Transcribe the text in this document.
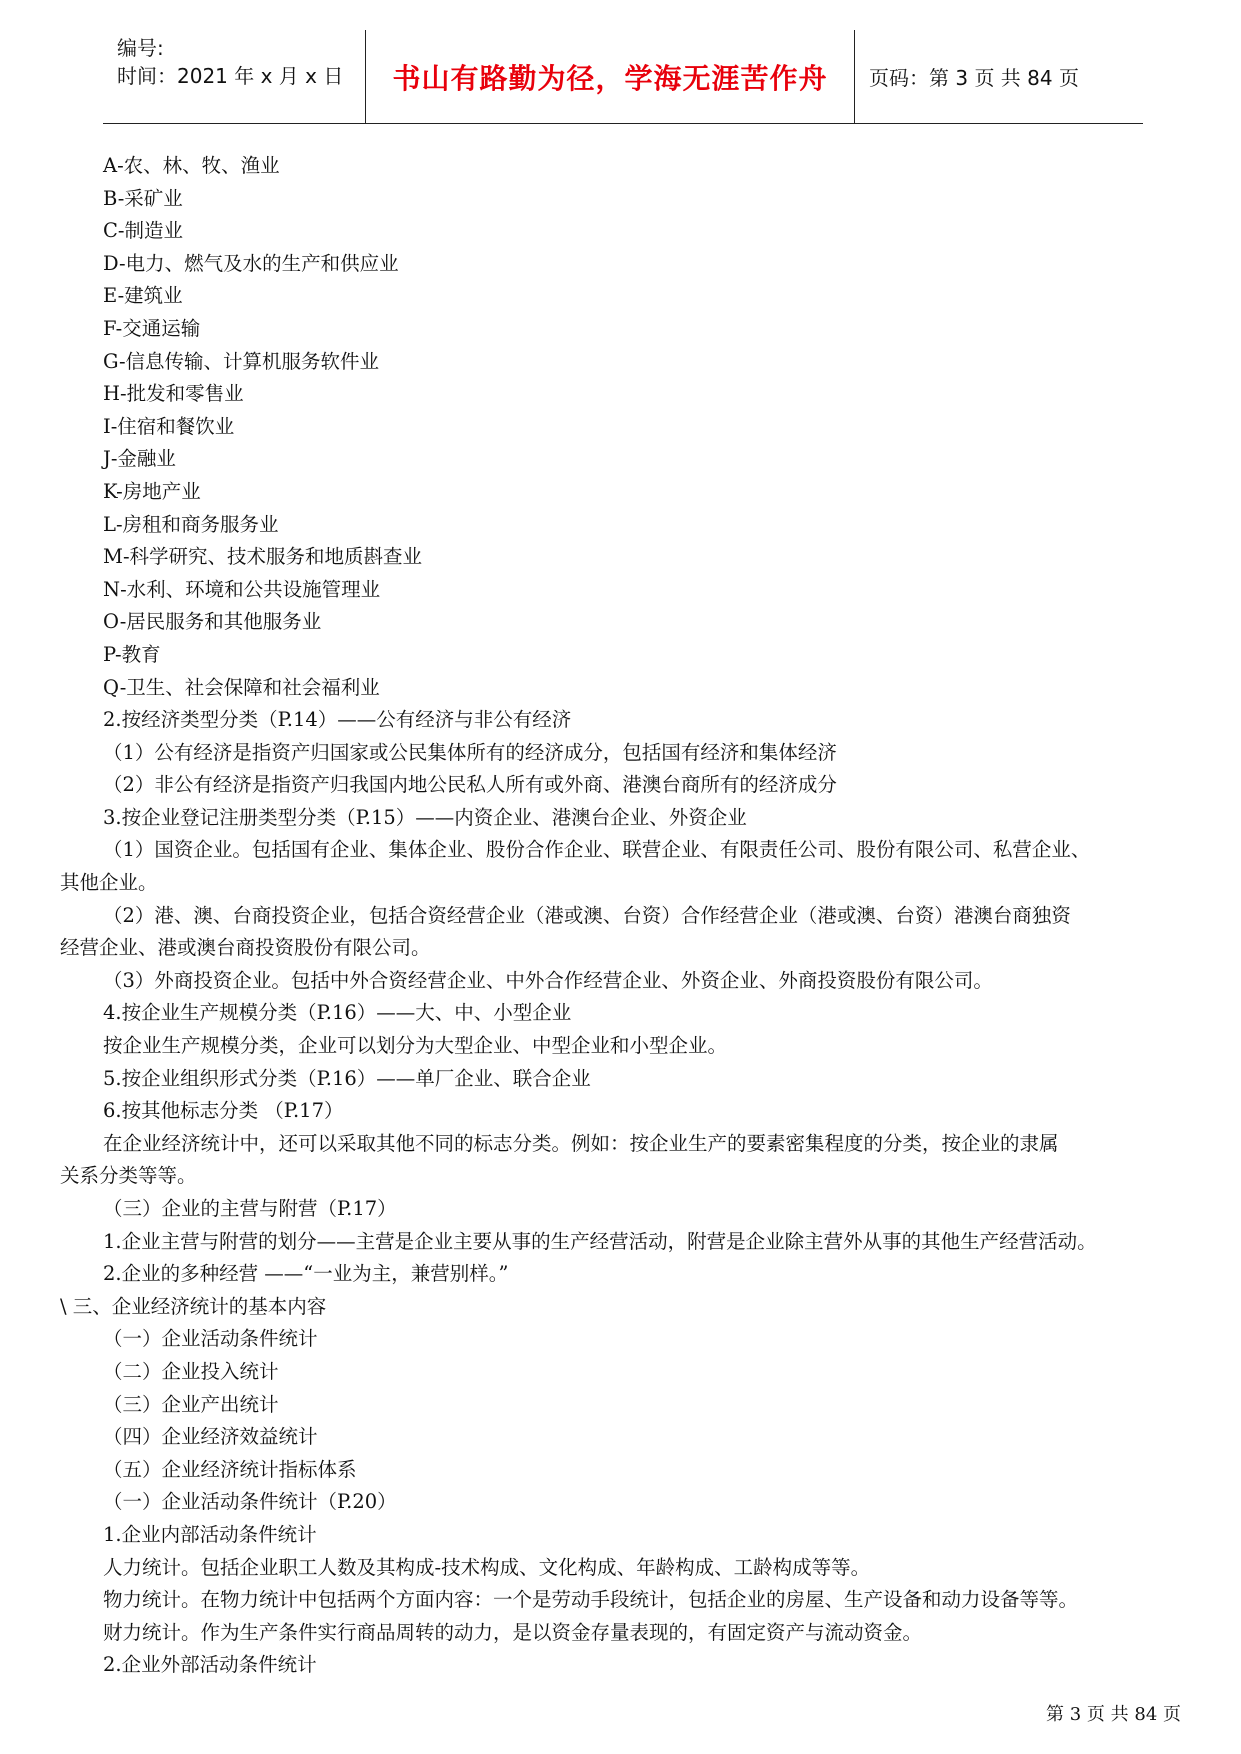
编号:
时间：2021 年 x 月 x 日 书山有路勤为径，学海无涯苦作舟 页码：第 3 页 共 84 页
A-农、林、牧、渔业
B-采矿业
C-制造业
D-电力、燃气及水的生产和供应业
E-建筑业
F-交通运输
G-信息传输、计算机服务软件业
H-批发和零售业
I-住宿和餐饮业
J-金融业
K-房地产业
L-房租和商务服务业
M-科学研究、技术服务和地质斟查业
N-水利、环境和公共设施管理业
O-居民服务和其他服务业
P-教育
Q-卫生、社会保障和社会福利业
2.按经济类型分类（P.14）——公有经济与非公有经济
（1）公有经济是指资产归国家或公民集体所有的经济成分，包括国有经济和集体经济
（2）非公有经济是指资产归我国内地公民私人所有或外商、港澳台商所有的经济成分
3.按企业登记注册类型分类（P.15）——内资企业、港澳台企业、外资企业
（1）国资企业。包括国有企业、集体企业、股份合作企业、联营企业、有限责任公司、股份有限公司、私营企业、
其他企业。
（2）港、澳、台商投资企业，包括合资经营企业（港或澳、台资）合作经营企业（港或澳、台资）港澳台商独资
经营企业、港或澳台商投资股份有限公司。
（3）外商投资企业。包括中外合资经营企业、中外合作经营企业、外资企业、外商投资股份有限公司。
4.按企业生产规模分类（P.16）——大、中、小型企业
按企业生产规模分类，企业可以划分为大型企业、中型企业和小型企业。
5.按企业组织形式分类（P.16）——单厂企业、联合企业
6.按其他标志分类 （P.17）
在企业经济统计中，还可以采取其他不同的标志分类。例如：按企业生产的要素密集程度的分类，按企业的隶属
关系分类等等。
（三）企业的主营与附营（P.17）
1.企业主营与附营的划分——主营是企业主要从事的生产经营活动，附营是企业除主营外从事的其他生产经营活动。
2.企业的多种经营 ——“一业为主，兼营别样。”
\ 三、企业经济统计的基本内容
（一）企业活动条件统计
（二）企业投入统计
（三）企业产出统计
（四）企业经济效益统计
（五）企业经济统计指标体系
（一）企业活动条件统计（P.20）
1.企业内部活动条件统计
人力统计。包括企业职工人数及其构成-技术构成、文化构成、年龄构成、工龄构成等等。
物力统计。在物力统计中包括两个方面内容：一个是劳动手段统计，包括企业的房屋、生产设备和动力设备等等。
财力统计。作为生产条件实行商品周转的动力，是以资金存量表现的，有固定资产与流动资金。
2.企业外部活动条件统计
第 3 页 共 84 页
